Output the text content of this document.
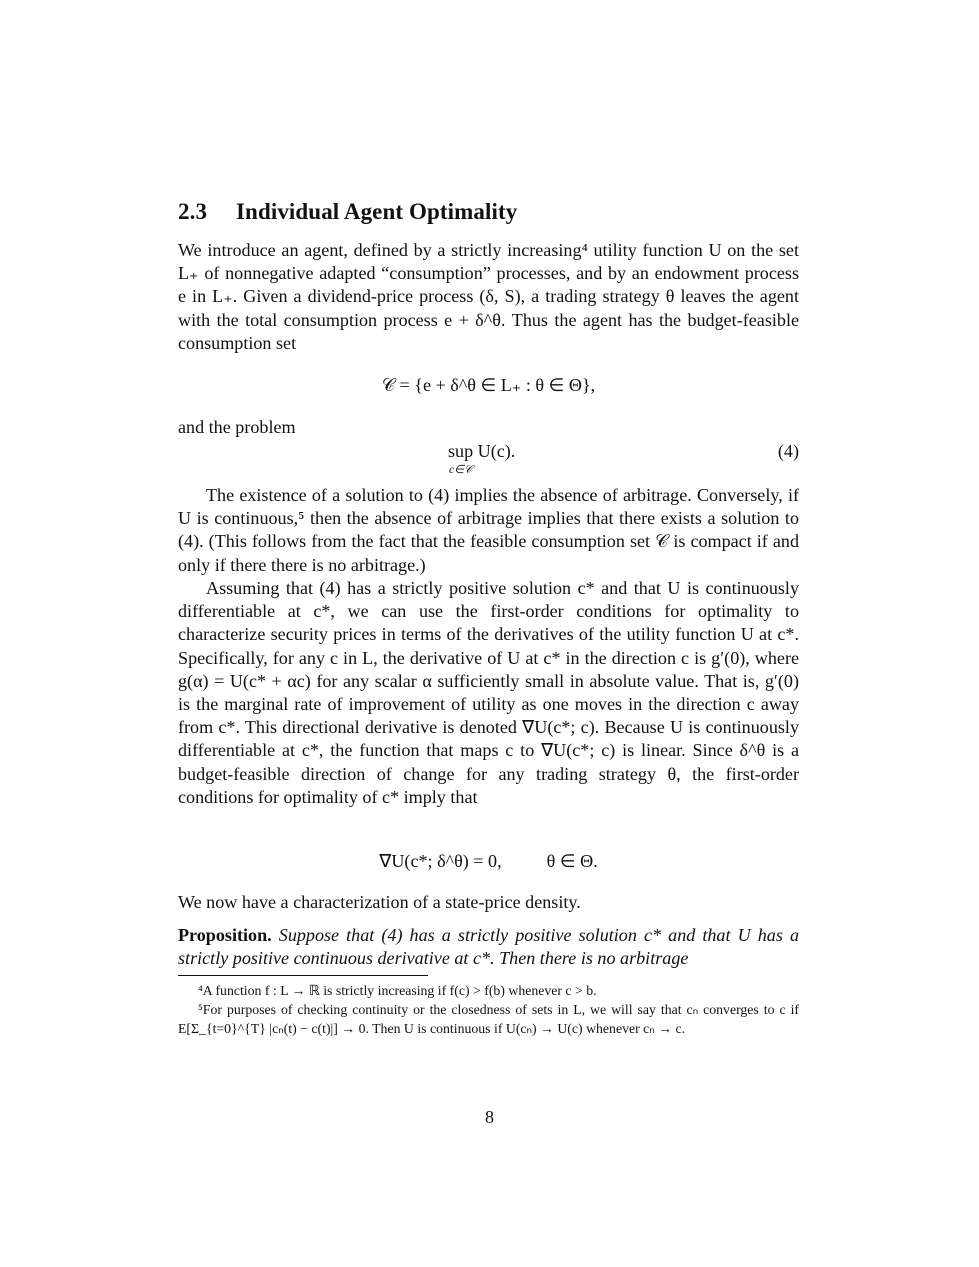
2.3 Individual Agent Optimality

We introduce an agent, defined by a strictly increasing⁴ utility function U on the set L₊ of nonnegative adapted “consumption” processes, and by an endowment process e in L₊. Given a dividend-price process (δ, S), a trading strategy θ leaves the agent with the total consumption process e + δ^θ. Thus the agent has the budget-feasible consumption set

𝒞 = {e + δ^θ ∈ L₊ : θ ∈ Θ},

and the problem

sup U(c).
c∈𝒞
(4)

The existence of a solution to (4) implies the absence of arbitrage. Conversely, if U is continuous,⁵ then the absence of arbitrage implies that there exists a solution to (4). (This follows from the fact that the feasible consumption set 𝒞 is compact if and only if there there is no arbitrage.)

Assuming that (4) has a strictly positive solution c* and that U is continuously differentiable at c*, we can use the first-order conditions for optimality to characterize security prices in terms of the derivatives of the utility function U at c*. Specifically, for any c in L, the derivative of U at c* in the direction c is g′(0), where g(α) = U(c* + αc) for any scalar α sufficiently small in absolute value. That is, g′(0) is the marginal rate of improvement of utility as one moves in the direction c away from c*. This directional derivative is denoted ∇U(c*; c). Because U is continuously differentiable at c*, the function that maps c to ∇U(c*; c) is linear. Since δ^θ is a budget-feasible direction of change for any trading strategy θ, the first-order conditions for optimality of c* imply that

∇U(c*; δ^θ) = 0, θ ∈ Θ.

We now have a characterization of a state-price density.

Proposition. Suppose that (4) has a strictly positive solution c* and that U has a strictly positive continuous derivative at c*. Then there is no arbitrage

⁴A function f : L → ℝ is strictly increasing if f(c) > f(b) whenever c > b.

⁵For purposes of checking continuity or the closedness of sets in L, we will say that cₙ converges to c if E[Σ_{t=0}^{T} |cₙ(t) − c(t)|] → 0. Then U is continuous if U(cₙ) → U(c) whenever cₙ → c.

8
